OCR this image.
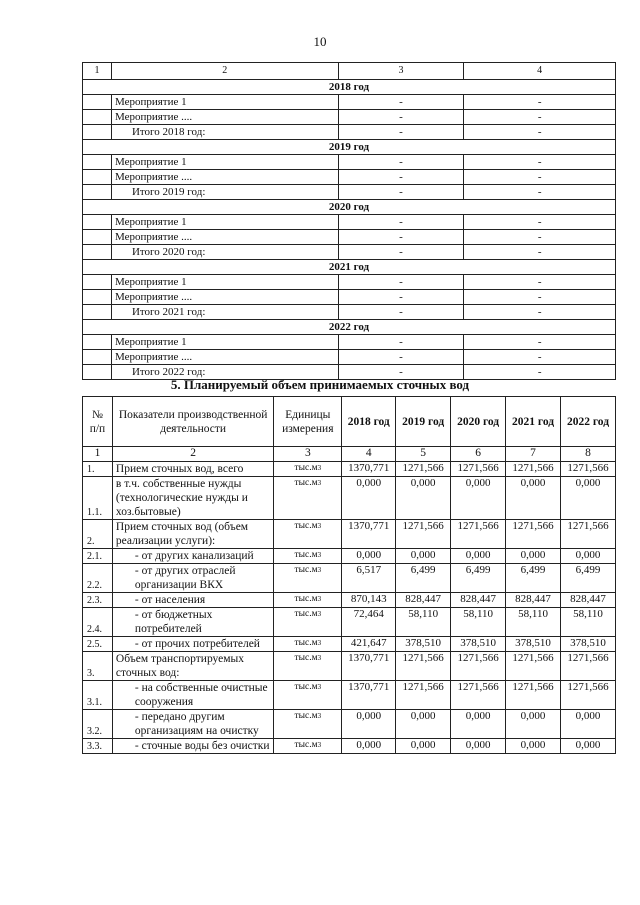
10
1	2	3	4
2018 год			
	Мероприятие 1	-	-
	Мероприятие ....	-	-
	Итого 2018 год:	-	-
2019 год			
	Мероприятие 1	-	-
	Мероприятие ....	-	-
	Итого 2019 год:	-	-
2020 год			
	Мероприятие 1	-	-
	Мероприятие ....	-	-
	Итого 2020 год:	-	-
2021 год			
	Мероприятие 1	-	-
	Мероприятие ....	-	-
	Итого 2021 год:	-	-
2022 год			
	Мероприятие 1	-	-
	Мероприятие ....	-	-
	Итого 2022 год:	-	-
5. Планируемый объем принимаемых сточных вод
№ п/п	Показатели производственной деятельности	Единицы измерения	2018 год	2019 год	2020 год	2021 год	2022 год
1	2	3	4	5	6	7	8
1.	Прием сточных вод, всего	$тыс.м^3$	1370,771	1271,566	1271,566	1271,566	1271,566
1.1.	в т.ч. собственные нужды (технологические нужды и хоз.бытовые)	$тыс.м^3$	0,000	0,000	0,000	0,000	0,000
2.	Прием сточных вод (объем реализации услуги):	$тыс.м^3$	1370,771	1271,566	1271,566	1271,566	1271,566
2.1.	- от других канализаций	$тыс.м^3$	0,000	0,000	0,000	0,000	0,000
2.2.	- от других отраслей организации ВКХ	$тыс.м^3$	6,517	6,499	6,499	6,499	6,499
2.3.	- от населения	$тыс.м^3$	870,143	828,447	828,447	828,447	828,447
2.4.	- от бюджетных потребителей	$тыс.м^3$	72,464	58,110	58,110	58,110	58,110
2.5.	- от прочих потребителей	$тыс.м^3$	421,647	378,510	378,510	378,510	378,510
3.	Объем транспортируемых сточных вод:	$тыс.м^3$	1370,771	1271,566	1271,566	1271,566	1271,566
3.1.	- на собственные очистные сооружения	$тыс.м^3$	1370,771	1271,566	1271,566	1271,566	1271,566
3.2.	- передано другим организациям на очистку	$тыс.м^3$	0,000	0,000	0,000	0,000	0,000
3.3.	- сточные воды без очистки	$тыс.м^3$	0,000	0,000	0,000	0,000	0,000
